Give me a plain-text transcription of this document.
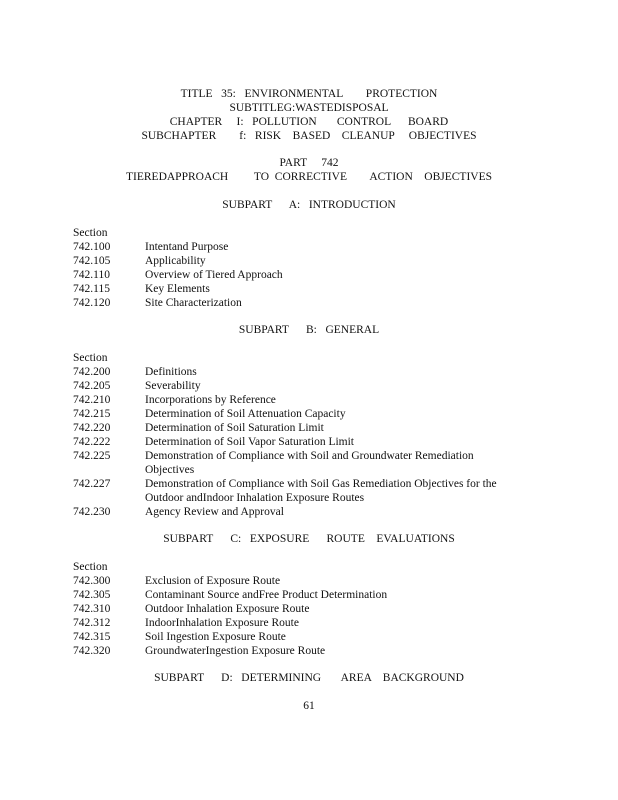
TITLE   35:   ENVIRONMENTAL        PROTECTION
SUBTITLEG:WASTEDISPOSAL
CHAPTER     I:   POLLUTION       CONTROL      BOARD
SUBCHAPTER        f:   RISK    BASED    CLEANUP     OBJECTIVES
PART     742
TIEREDAPPROACH         TO  CORRECTIVE        ACTION    OBJECTIVES
SUBPART      A:   INTRODUCTION
Section
742.100	Intentand Purpose
742.105	Applicability
742.110	Overview of Tiered Approach
742.115	Key Elements
742.120	Site Characterization
SUBPART      B:   GENERAL
Section
742.200	Definitions
742.205	Severability
742.210	Incorporations by Reference
742.215	Determination of Soil Attenuation Capacity
742.220	Determination of Soil Saturation Limit
742.222	Determination of Soil Vapor Saturation Limit
742.225	Demonstration of Compliance with Soil and Groundwater Remediation Objectives
742.227	Demonstration of Compliance with Soil Gas Remediation Objectives for the Outdoor andIndoor Inhalation Exposure Routes
742.230	Agency Review and Approval
SUBPART      C:   EXPOSURE      ROUTE    EVALUATIONS
Section
742.300	Exclusion of Exposure Route
742.305	Contaminant Source andFree Product Determination
742.310	Outdoor Inhalation Exposure Route
742.312	IndoorInhalation Exposure Route
742.315	Soil Ingestion Exposure Route
742.320	GroundwaterIngestion Exposure Route
SUBPART      D:   DETERMINING       AREA    BACKGROUND
61
